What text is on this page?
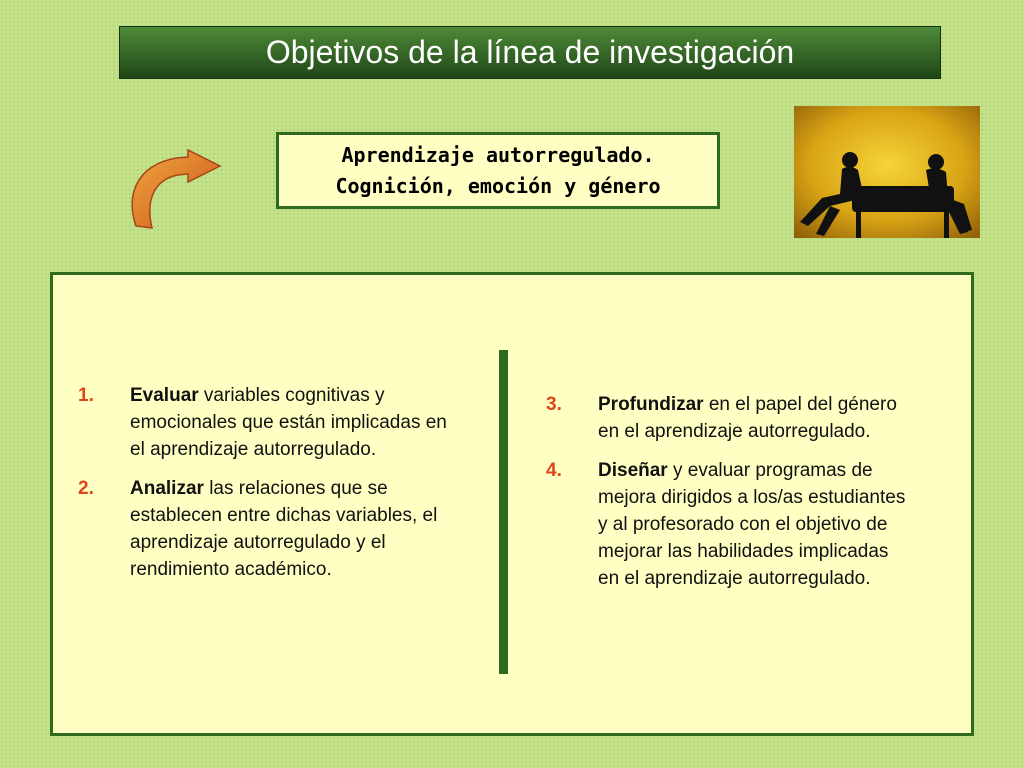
Objetivos de la línea de investigación
Aprendizaje autorregulado.
Cognición, emoción y género
1.	Evaluar variables cognitivas y emocionales que están implicadas en el aprendizaje autorregulado.
2.	Analizar las relaciones que se establecen entre dichas variables, el aprendizaje autorregulado y el rendimiento académico.
3.	Profundizar en el papel del género en el aprendizaje autorregulado.
4.	Diseñar y evaluar programas de mejora dirigidos a los/as estudiantes y al profesorado con el objetivo de mejorar las habilidades implicadas en el aprendizaje autorregulado.
